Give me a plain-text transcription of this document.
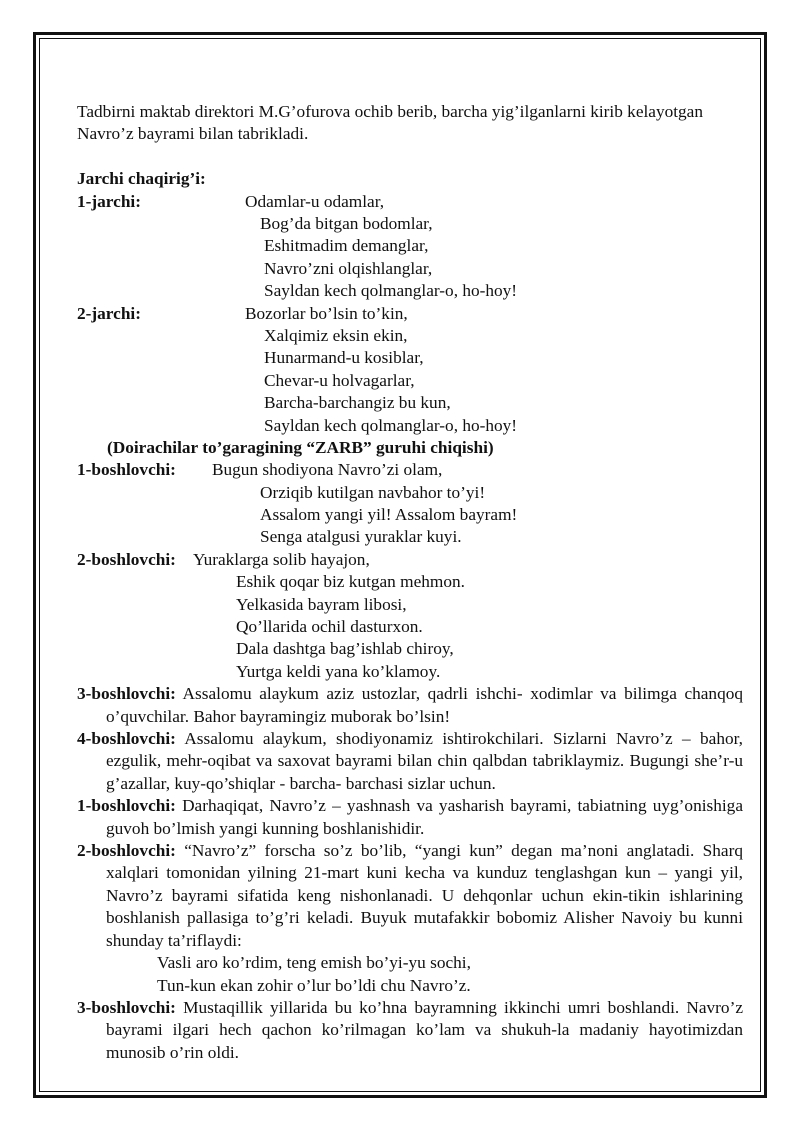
Tadbirni maktab direktori M.G’ofurova ochib berib, barcha yig’ilganlarni kirib kelayotgan Navro’z bayrami bilan tabrikladi.

Jarchi chaqirig’i:

1-jarchi:	Odamlar-u odamlar,
Bog’da bitgan bodomlar,
Eshitmadim demanglar,
Navro’zni olqishlanglar,
Sayldan kech qolmanglar-o, ho-hoy!
2-jarchi:	Bozorlar bo’lsin to’kin,
Xalqimiz eksin ekin,
Hunarmand-u kosiblar,
Chevar-u holvagarlar,
Barcha-barchangiz bu kun,
Sayldan kech qolmanglar-o, ho-hoy!

(Doirachilar to’garagining “ZARB” guruhi chiqishi)

1-boshlovchi: Bugun shodiyona Navro’zi olam,
Orziqib kutilgan navbahor to’yi!
Assalom yangi yil! Assalom bayram!
Senga atalgusi yuraklar kuyi.
2-boshlovchi: Yuraklarga solib hayajon,
Eshik qoqar biz kutgan mehmon.
Yelkasida bayram libosi,
Qo’llarida ochil dasturxon.
Dala dashtga bag’ishlab chiroy,
Yurtga keldi yana ko’klamoy.

3-boshlovchi: Assalomu alaykum aziz ustozlar, qadrli ishchi- xodimlar va bilimga chanqoq o’quvchilar. Bahor bayramingiz muborak bo’lsin!

4-boshlovchi: Assalomu alaykum, shodiyonamiz ishtirokchilari. Sizlarni Navro’z – bahor, ezgulik, mehr-oqibat va saxovat bayrami bilan chin qalbdan tabriklaymiz. Bugungi she’r-u g’azallar, kuy-qo’shiqlar - barcha- barchasi sizlar uchun.

1-boshlovchi: Darhaqiqat, Navro’z – yashnash va yasharish bayrami, tabiatning uyg’onishiga guvoh bo’lmish yangi kunning boshlanishidir.

2-boshlovchi: “Navro’z” forscha so’z bo’lib, “yangi kun” degan ma’noni anglatadi. Sharq xalqlari tomonidan yilning 21-mart kuni kecha va kunduz tenglashgan kun – yangi yil, Navro’z bayrami sifatida keng nishonlanadi. U dehqonlar uchun ekin-tikin ishlarining boshlanish pallasiga to’g’ri keladi. Buyuk mutafakkir bobomiz Alisher Navoiy bu kunni shunday ta’riflaydi:

Vasli aro ko’rdim, teng emish bo’yi-yu sochi,

Tun-kun ekan zohir o’lur bo’ldi chu Navro’z.

3-boshlovchi: Mustaqillik yillarida bu ko’hna bayramning ikkinchi umri boshlandi. Navro’z bayrami ilgari hech qachon ko’rilmagan ko’lam va shukuh-la madaniy hayotimizdan munosib o’rin oldi.
